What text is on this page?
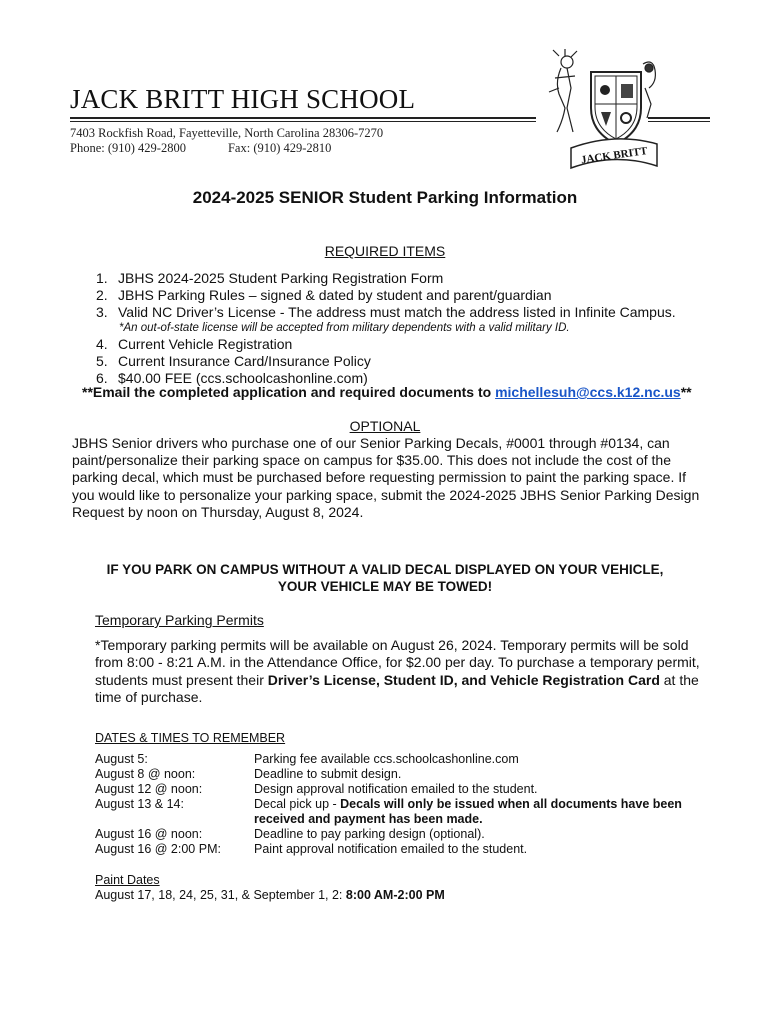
JACK BRITT HIGH SCHOOL
7403 Rockfish Road, Fayetteville, North Carolina 28306-7270
Phone: (910) 429-2800	Fax: (910) 429-2810	JACK BRITT
2024-2025 SENIOR Student Parking Information
REQUIRED ITEMS
1. JBHS 2024-2025 Student Parking Registration Form
2. JBHS Parking Rules – signed & dated by student and parent/guardian
3. Valid NC Driver’s License - The address must match the address listed in Infinite Campus.
*An out-of-state license will be accepted from military dependents with a valid military ID.
4. Current Vehicle Registration
5. Current Insurance Card/Insurance Policy
6. $40.00 FEE (ccs.schoolcashonline.com)
**Email the completed application and required documents to michellesuh@ccs.k12.nc.us**
OPTIONAL
JBHS Senior drivers who purchase one of our Senior Parking Decals, #0001 through #0134, can paint/personalize their parking space on campus for $35.00. This does not include the cost of the parking decal, which must be purchased before requesting permission to paint the parking space. If you would like to personalize your parking space, submit the 2024-2025 JBHS Senior Parking Design Request by noon on Thursday, August 8, 2024.
IF YOU PARK ON CAMPUS WITHOUT A VALID DECAL DISPLAYED ON YOUR VEHICLE,
YOUR VEHICLE MAY BE TOWED!
Temporary Parking Permits
*Temporary parking permits will be available on August 26, 2024. Temporary permits will be sold from 8:00 - 8:21 A.M. in the Attendance Office, for $2.00 per day. To purchase a temporary permit, students must present their Driver’s License, Student ID, and Vehicle Registration Card at the time of purchase.
DATES & TIMES TO REMEMBER
August 5:	Parking fee available ccs.schoolcashonline.com
August 8 @ noon:	Deadline to submit design.
August 12 @ noon:	Design approval notification emailed to the student.
August 13 & 14:	Decal pick up - Decals will only be issued when all documents have been received and payment has been made.
August 16 @ noon:	Deadline to pay parking design (optional).
August 16 @ 2:00 PM:	Paint approval notification emailed to the student.
Paint Dates
August 17, 18, 24, 25, 31, & September 1, 2: 8:00 AM-2:00 PM
